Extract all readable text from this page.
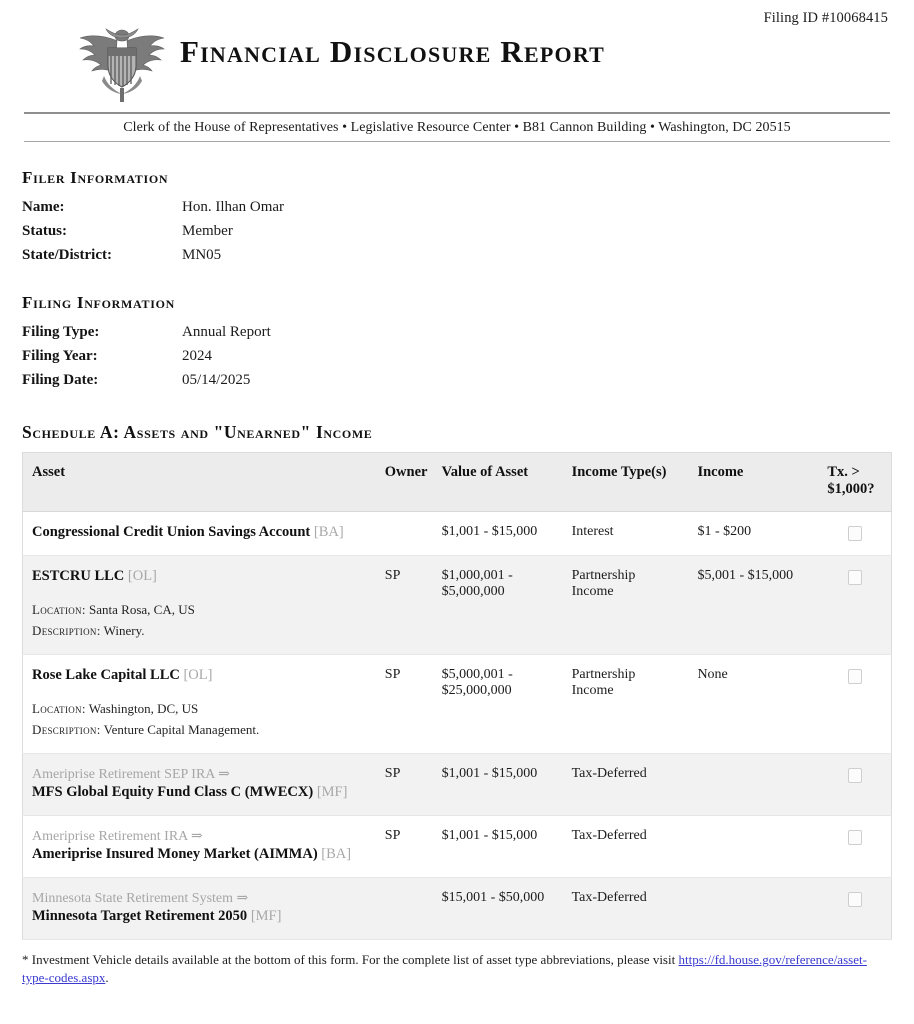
Filing ID #10068415
Financial Disclosure Report
Clerk of the House of Representatives • Legislative Resource Center • B81 Cannon Building • Washington, DC 20515
Filer Information
Name:	Hon. Ilhan Omar
Status:	Member
State/District:	MN05
Filing Information
Filing Type:	Annual Report
Filing Year:	2024
Filing Date:	05/14/2025
Schedule A: Assets and "Unearned" Income
Asset	Owner	Value of Asset	Income Type(s)	Income	Tx. > $1,000?
Congressional Credit Union Savings Account [BA]		$1,001 - $15,000	Interest	$1 - $200	

ESTCRU LLC [OL]
Location: Santa Rosa, CA, US
Description: Winery.	SP	$1,000,001 - $5,000,000	Partnership Income	$5,001 - $15,000	

Rose Lake Capital LLC [OL]
Location: Washington, DC, US
Description: Venture Capital Management.	SP	$5,000,001 - $25,000,000	Partnership Income	None	

Ameriprise Retirement SEP IRA ⇒
MFS Global Equity Fund Class C (MWECX) [MF]	SP	$1,001 - $15,000	Tax-Deferred		

Ameriprise Retirement IRA ⇒
Ameriprise Insured Money Market (AIMMA) [BA]	SP	$1,001 - $15,000	Tax-Deferred		

Minnesota State Retirement System ⇒
Minnesota Target Retirement 2050 [MF]		$15,001 - $50,000	Tax-Deferred		
* Investment Vehicle details available at the bottom of this form. For the complete list of asset type abbreviations, please visit https://fd.house.gov/reference/asset-type-codes.aspx.
